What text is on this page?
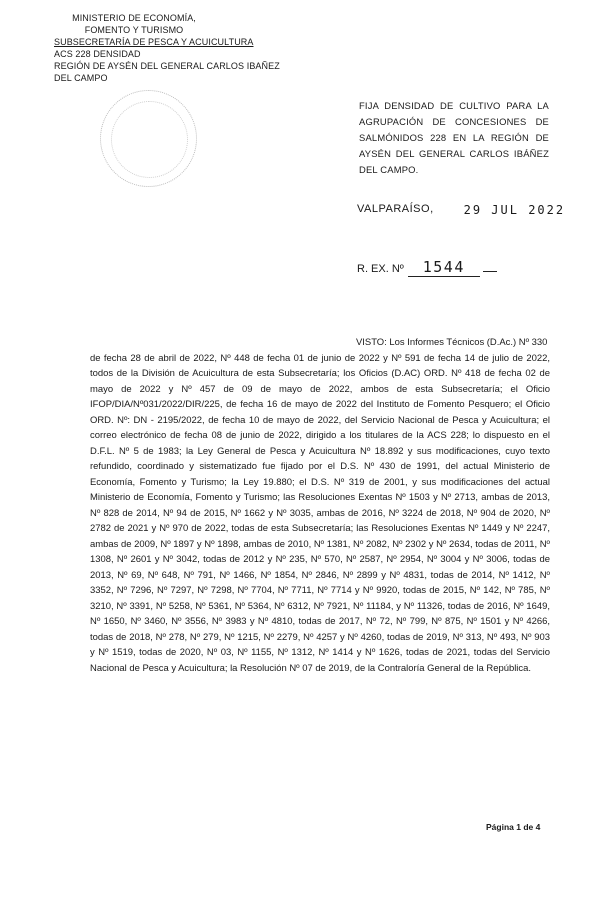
MINISTERIO DE ECONOMÍA,
FOMENTO Y TURISMO
SUBSECRETARÍA DE PESCA Y ACUICULTURA
ACS 228 DENSIDAD
REGIÓN DE AYSÉN DEL GENERAL CARLOS IBAÑEZ DEL CAMPO
FIJA DENSIDAD DE CULTIVO PARA LA AGRUPACIÓN DE CONCESIONES DE SALMÓNIDOS 228 EN LA REGIÓN DE AYSÉN DEL GENERAL CARLOS IBÁÑEZ DEL CAMPO.
VALPARAÍSO,	29 JUL 2022
R. EX. Nº	1544
VISTO: Los Informes Técnicos (D.Ac.) Nº 330
de fecha 28 de abril de 2022, Nº 448 de fecha 01 de junio de 2022 y Nº 591 de fecha 14 de julio de 2022, todos de la División de Acuicultura de esta Subsecretaría; los Oficios (D.AC) ORD. Nº 418 de fecha 02 de mayo de 2022 y Nº 457 de 09 de mayo de 2022, ambos de esta Subsecretaría; el Oficio IFOP/DIA/Nº031/2022/DIR/225, de fecha 16 de mayo de 2022 del Instituto de Fomento Pesquero; el Oficio ORD. Nº: DN - 2195/2022, de fecha 10 de mayo de 2022, del Servicio Nacional de Pesca y Acuicultura; el correo electrónico de fecha 08 de junio de 2022, dirigido a los titulares de la ACS 228; lo dispuesto en el D.F.L. Nº 5 de 1983; la Ley General de Pesca y Acuicultura Nº 18.892 y sus modificaciones, cuyo texto refundido, coordinado y sistematizado fue fijado por el D.S. Nº 430 de 1991, del actual Ministerio de Economía, Fomento y Turismo; la Ley 19.880; el D.S. Nº 319 de 2001, y sus modificaciones del actual Ministerio de Economía, Fomento y Turismo; las Resoluciones Exentas Nº 1503 y Nº 2713, ambas de 2013, Nº 828 de 2014, Nº 94 de 2015, Nº 1662 y Nº 3035, ambas de 2016, Nº 3224 de 2018, Nº 904 de 2020, Nº 2782 de 2021 y Nº 970 de 2022, todas de esta Subsecretaría; las Resoluciones Exentas Nº 1449 y Nº 2247, ambas de 2009, Nº 1897 y Nº 1898, ambas de 2010, Nº 1381, Nº 2082, Nº 2302 y Nº 2634, todas de 2011, Nº 1308, Nº 2601 y Nº 3042, todas de 2012 y Nº 235, Nº 570, Nº 2587, Nº 2954, Nº 3004 y Nº 3006, todas de 2013, Nº 69, Nº 648, Nº 791, Nº 1466, Nº 1854, Nº 2846, Nº 2899 y Nº 4831, todas de 2014, Nº 1412, Nº 3352, Nº 7296, Nº 7297, Nº 7298, Nº 7704, Nº 7711, Nº 7714 y Nº 9920, todas de 2015, Nº 142, Nº 785, Nº 3210, Nº 3391, Nº 5258, Nº 5361, Nº 5364, Nº 6312, Nº 7921, Nº 11184, y Nº 11326, todas de 2016, Nº 1649, Nº 1650, Nº 3460, Nº 3556, Nº 3983 y Nº 4810, todas de 2017, Nº 72, Nº 799, Nº 875, Nº 1501 y Nº 4266, todas de 2018, Nº 278, Nº 279, Nº 1215, Nº 2279, Nº 4257 y Nº 4260, todas de 2019, Nº 313, Nº 493, Nº 903 y Nº 1519, todas de 2020, Nº 03, Nº 1155, Nº 1312, Nº 1414 y Nº 1626, todas de 2021, todas del Servicio Nacional de Pesca y Acuicultura; la Resolución Nº 07 de 2019, de la Contraloría General de la República.
Página 1 de 4
